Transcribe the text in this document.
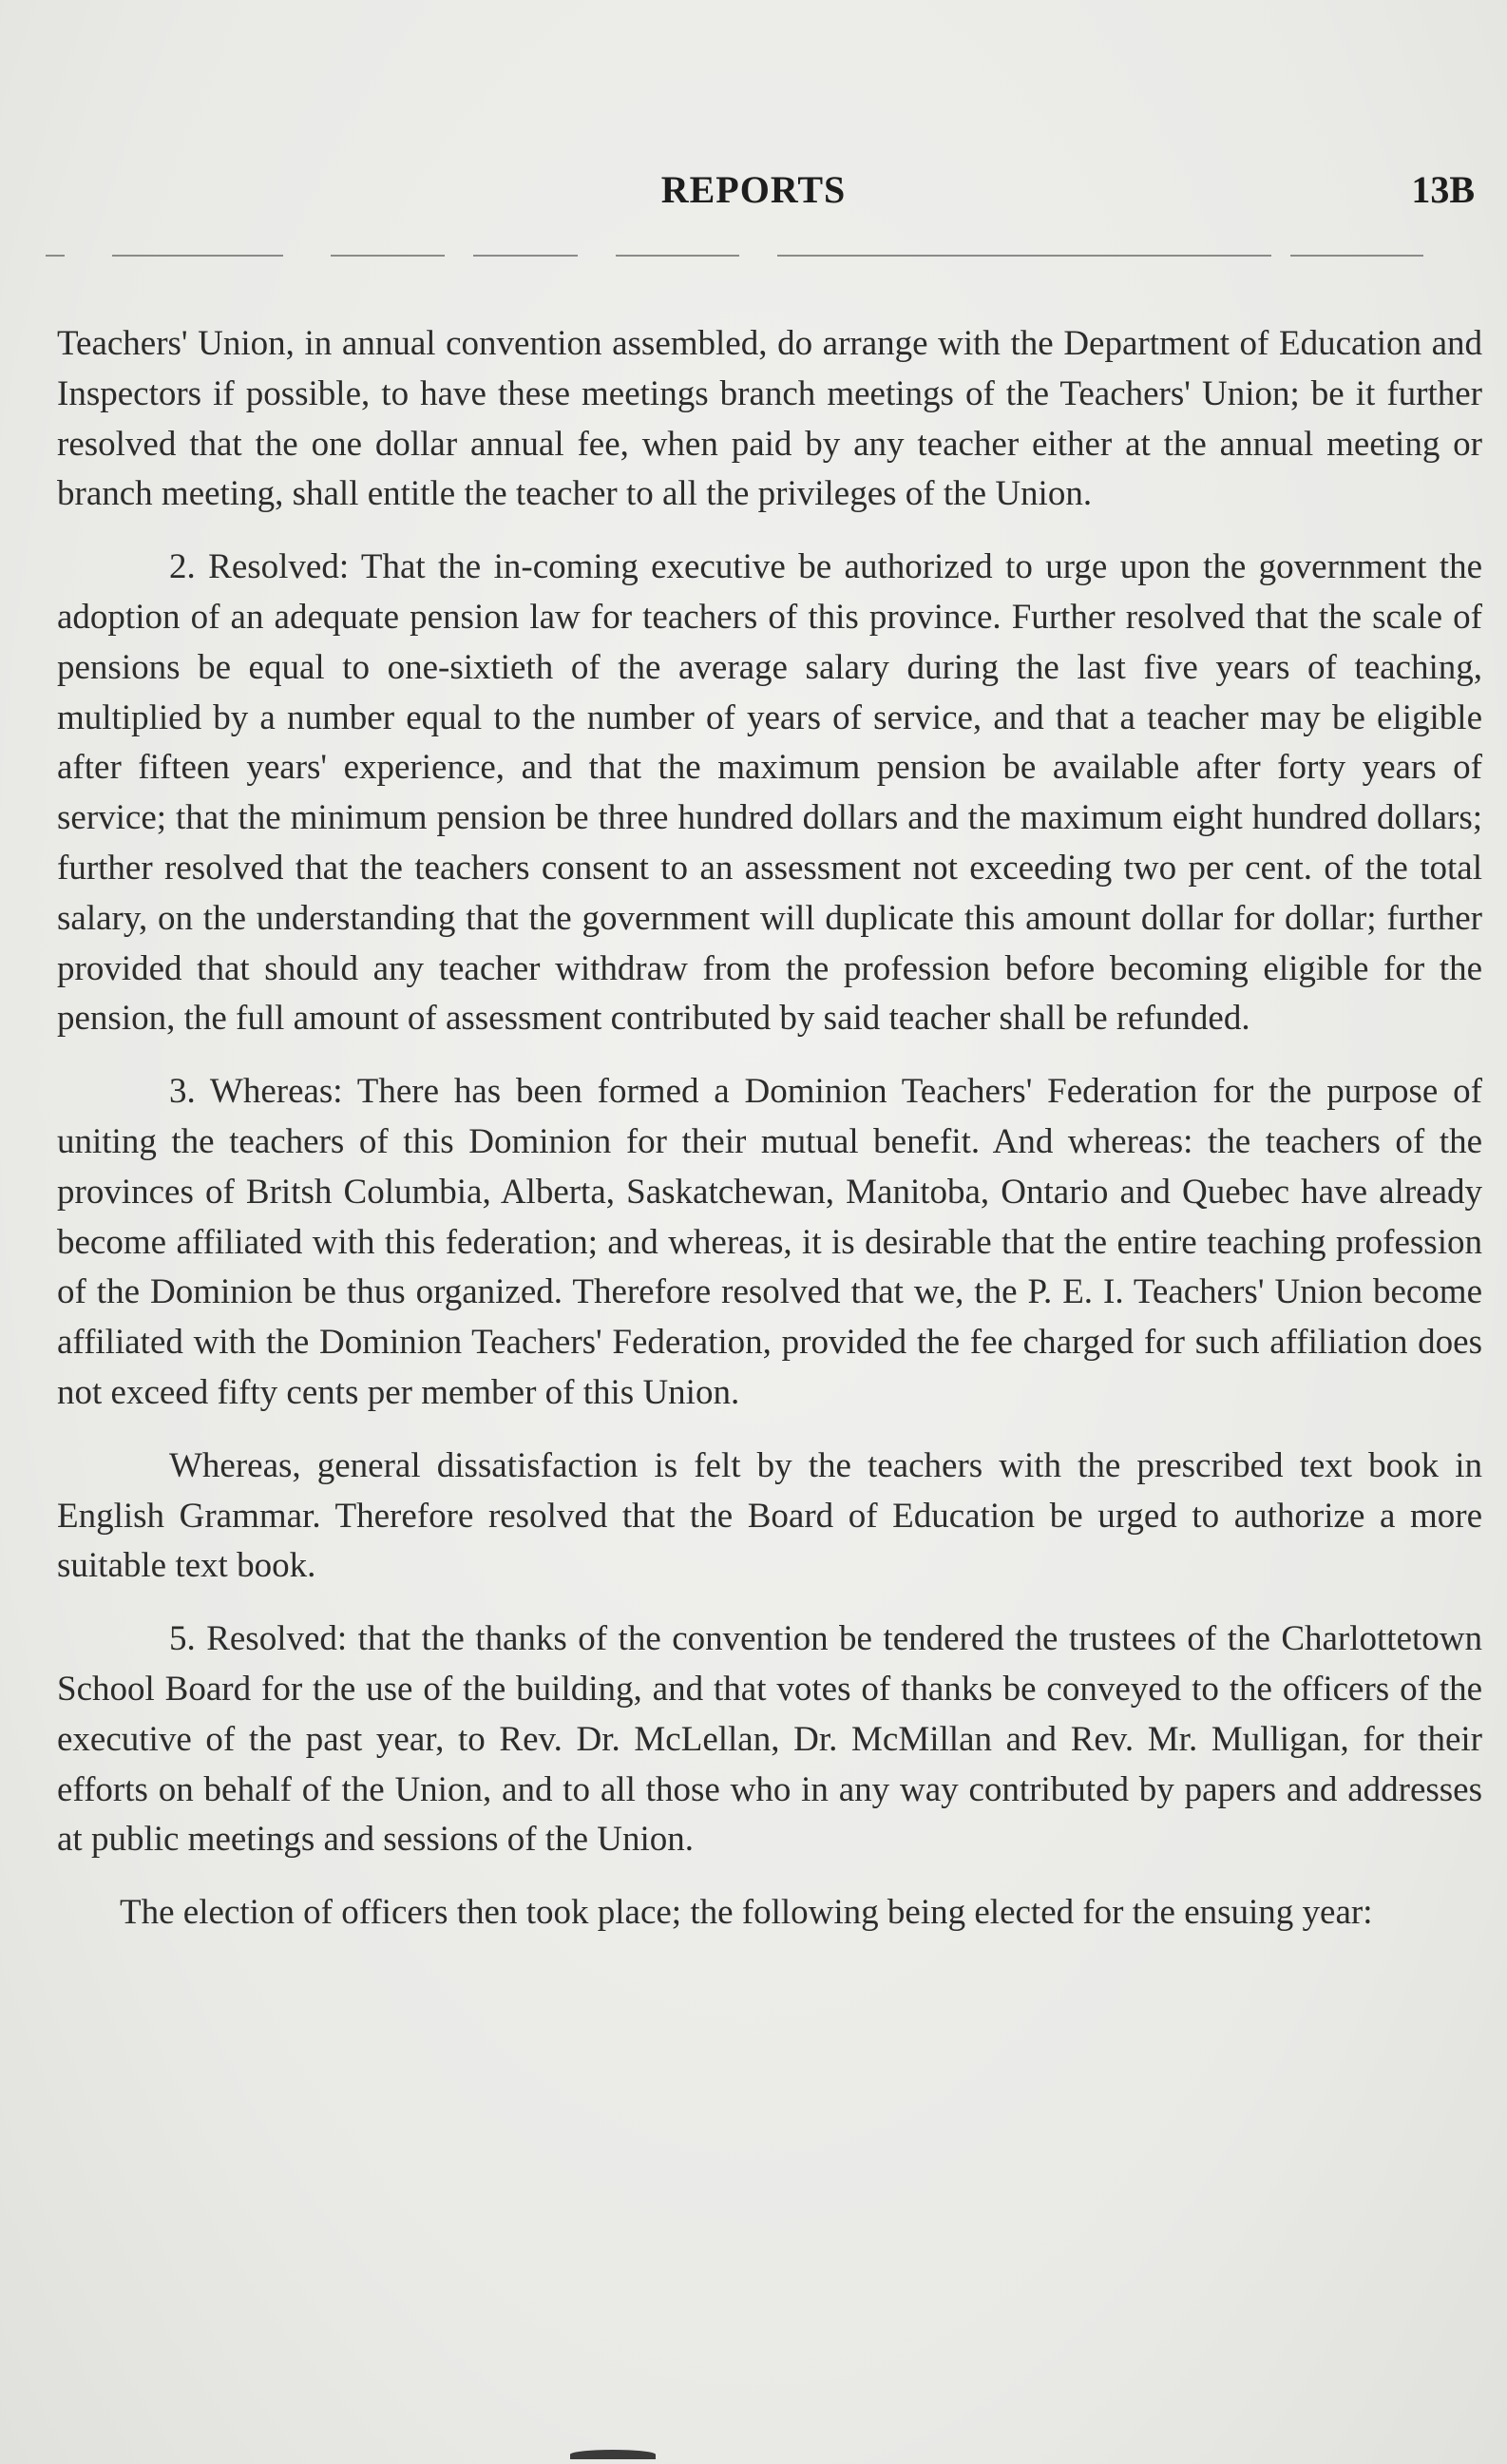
REPORTS	13B

Teachers' Union, in annual convention assembled, do arrange with the Department of Education and Inspectors if possible, to have these meetings branch meetings of the Teachers' Union; be it further resolved that the one dollar annual fee, when paid by any teacher either at the annual meeting or branch meeting, shall entitle the teacher to all the privileges of the Union.

2. Resolved: That the in-coming executive be authorized to urge upon the government the adoption of an adequate pension law for teachers of this province. Further resolved that the scale of pensions be equal to one-sixtieth of the average salary during the last five years of teaching, multiplied by a number equal to the number of years of service, and that a teacher may be eligible after fifteen years' experience, and that the maximum pension be available after forty years of service; that the minimum pension be three hundred dollars and the maximum eight hundred dollars; further resolved that the teachers consent to an assessment not exceeding two per cent. of the total salary, on the understanding that the government will duplicate this amount dollar for dollar; further provided that should any teacher withdraw from the profession before becoming eligible for the pension, the full amount of assessment contributed by said teacher shall be refunded.

3. Whereas: There has been formed a Dominion Teachers' Federation for the purpose of uniting the teachers of this Dominion for their mutual benefit. And whereas: the teachers of the provinces of Britsh Columbia, Alberta, Saskatchewan, Manitoba, Ontario and Quebec have already become affiliated with this federation; and whereas, it is desirable that the entire teaching profession of the Dominion be thus organized. Therefore resolved that we, the P. E. I. Teachers' Union become affiliated with the Dominion Teachers' Federation, provided the fee charged for such affiliation does not exceed fifty cents per member of this Union.

Whereas, general dissatisfaction is felt by the teachers with the prescribed text book in English Grammar. Therefore resolved that the Board of Education be urged to authorize a more suitable text book.

5. Resolved: that the thanks of the convention be tendered the trustees of the Charlottetown School Board for the use of the building, and that votes of thanks be conveyed to the officers of the executive of the past year, to Rev. Dr. McLellan, Dr. McMillan and Rev. Mr. Mulligan, for their efforts on behalf of the Union, and to all those who in any way contributed by papers and addresses at public meetings and sessions of the Union.

The election of officers then took place; the following being elected for the ensuing year:
